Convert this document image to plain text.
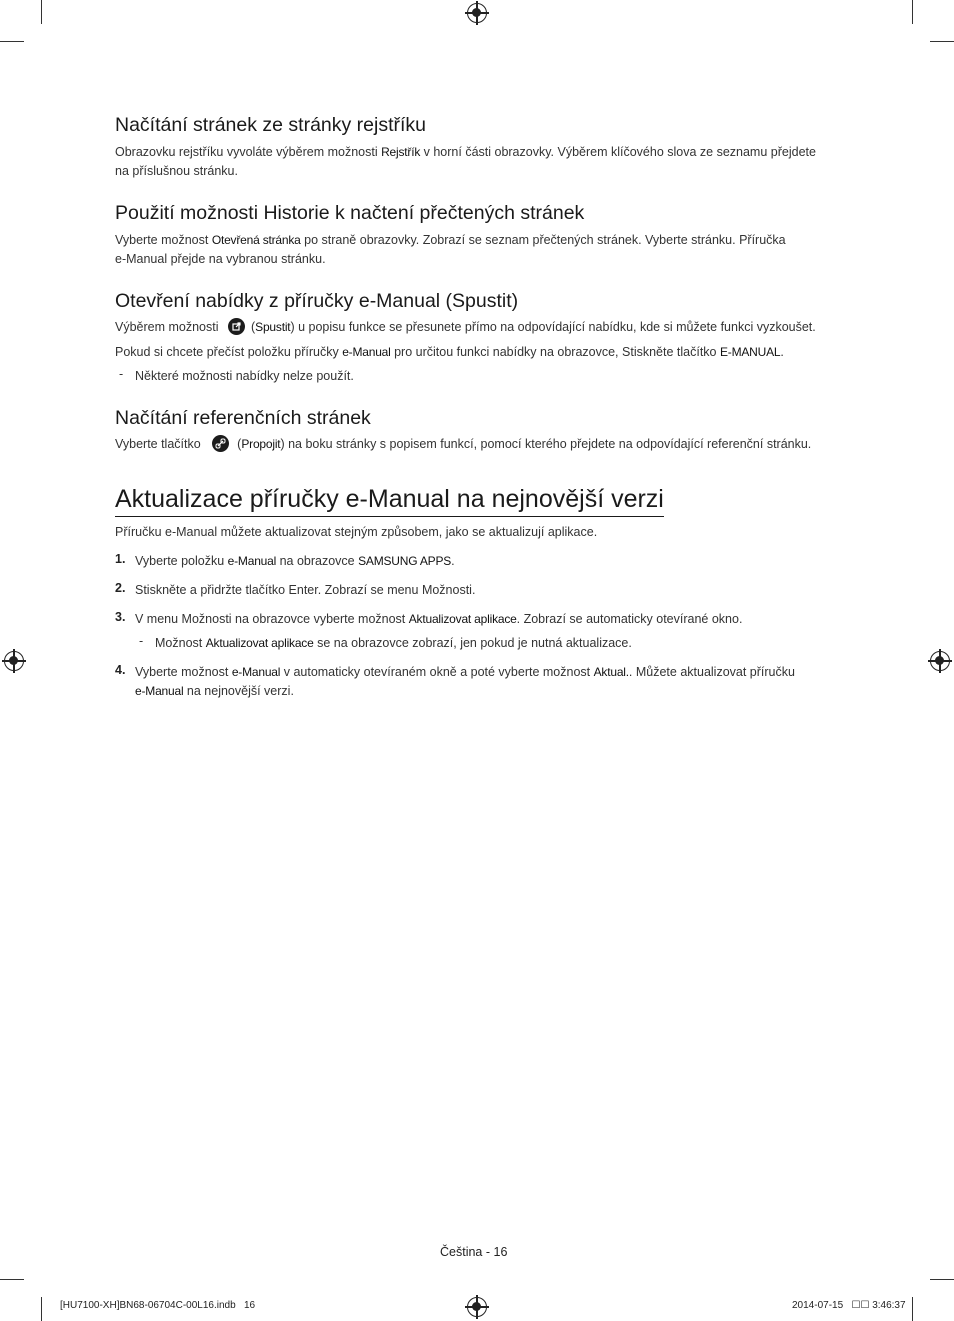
Načítání stránek ze stránky rejstříku

Obrazovku rejstříku vyvoláte výběrem možnosti Rejstřík v horní části obrazovky. Výběrem klíčového slova ze seznamu přejdete
na příslušnou stránku.

Použití možnosti Historie k načtení přečtených stránek

Vyberte možnost Otevřená stránka po straně obrazovky. Zobrazí se seznam přečtených stránek. Vyberte stránku. Příručka
e-Manual přejde na vybranou stránku.

Otevření nabídky z příručky e-Manual (Spustit)

Výběrem možnosti
(Spustit) u popisu funkce se přesunete přímo na odpovídající nabídku, kde si můžete funkci vyzkoušet.

Pokud si chcete přečíst položku příručky e-Manual pro určitou funkci nabídky na obrazovce, Stiskněte tlačítko E-MANUAL.

- Některé možnosti nabídky nelze použít.

Načítání referenčních stránek

Vyberte tlačítko	(Propojit) na boku stránky s popisem funkcí, pomocí kterého přejdete na odpovídající referenční stránku.

Aktualizace příručky e-Manual na nejnovější verzi

Příručku e-Manual můžete aktualizovat stejným způsobem, jako se aktualizují aplikace.

1. Vyberte položku e-Manual na obrazovce SAMSUNG APPS.

2. Stiskněte a přidržte tlačítko Enter. Zobrazí se menu Možnosti.

3. V menu Možnosti na obrazovce vyberte možnost Aktualizovat aplikace. Zobrazí se automaticky otevírané okno.

- Možnost Aktualizovat aplikace se na obrazovce zobrazí, jen pokud je nutná aktualizace.

4. Vyberte možnost e-Manual v automaticky otevíraném okně a poté vyberte možnost Aktual.. Můžete aktualizovat příručku
e-Manual na nejnovější verzi.

Čeština - 16
[HU7100-XH]BN68-06704C-00L16.indb   16	2014-07-15   ☐☐ 3:46:37
